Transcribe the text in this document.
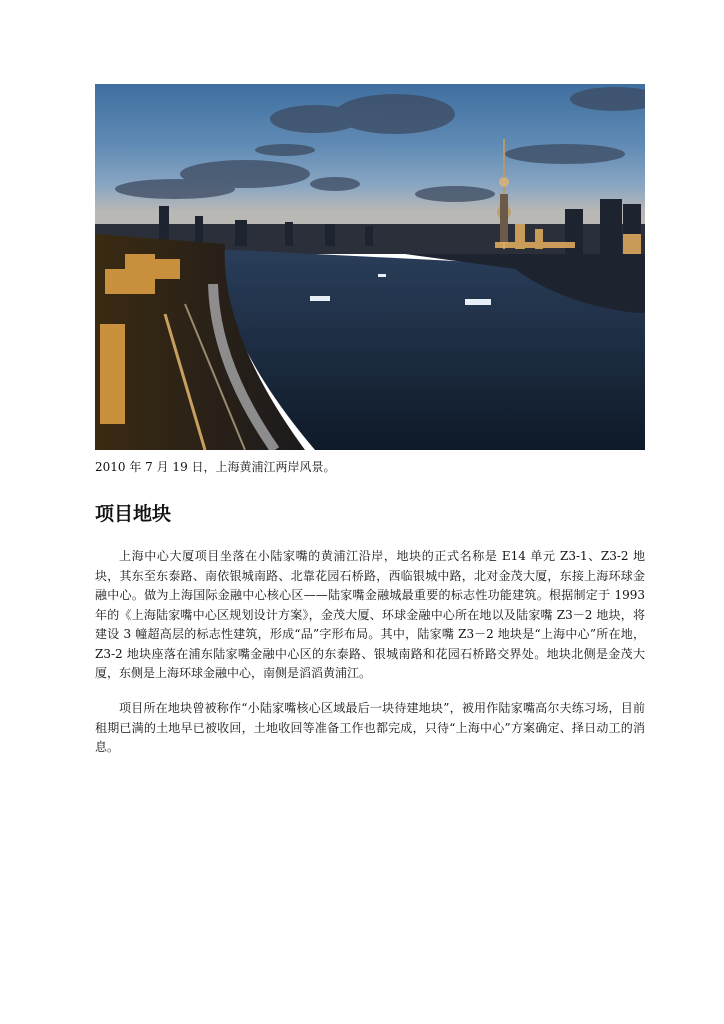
2010 年 7 月 19 日，上海黄浦江两岸风景。
项目地块

上海中心大厦项目坐落在小陆家嘴的黄浦江沿岸，地块的正式名称是 E14 单元 Z3-1、Z3-2 地块，其东至东泰路、南依银城南路、北靠花园石桥路，西临银城中路，北对金茂大厦，东接上海环球金融中心。做为上海国际金融中心核心区——陆家嘴金融城最重要的标志性功能建筑。根据制定于 1993 年的《上海陆家嘴中心区规划设计方案》，金茂大厦、环球金融中心所在地以及陆家嘴 Z3－2 地块，将建设 3 幢超高层的标志性建筑，形成“品”字形布局。其中，陆家嘴 Z3－2 地块是“上海中心”所在地，Z3-2 地块座落在浦东陆家嘴金融中心区的东泰路、银城南路和花园石桥路交界处。地块北侧是金茂大厦，东侧是上海环球金融中心，南侧是滔滔黄浦江。

项目所在地块曾被称作“小陆家嘴核心区域最后一块待建地块”，被用作陆家嘴高尔夫练习场，目前租期已满的土地早已被收回，土地收回等准备工作也都完成，只待“上海中心”方案确定、择日动工的消息。
